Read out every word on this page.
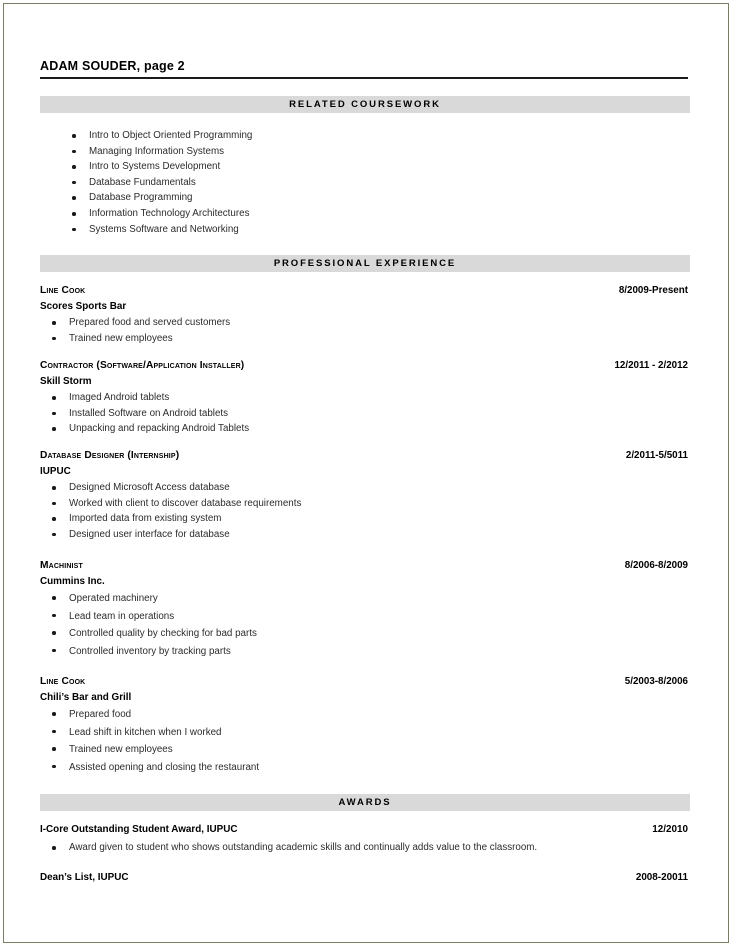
ADAM SOUDER, page 2
RELATED COURSEWORK
Intro to Object Oriented Programming
Managing Information Systems
Intro to Systems Development
Database Fundamentals
Database Programming
Information Technology Architectures
Systems Software and Networking
PROFESSIONAL EXPERIENCE
Line Cook	8/2009-Present
Scores Sports Bar
Prepared food and served customers
Trained new employees
Contractor (Software/Application Installer)	12/2011 - 2/2012
Skill Storm
Imaged Android tablets
Installed Software on Android tablets
Unpacking and repacking Android Tablets
Database Designer (Internship)	2/2011-5/5011
IUPUC
Designed Microsoft Access database
Worked with client to discover database requirements
Imported data from existing system
Designed user interface for database
Machinist	8/2006-8/2009
Cummins Inc.
Operated machinery
Lead team in operations
Controlled quality by checking for bad parts
Controlled inventory by tracking parts
Line Cook	5/2003-8/2006
Chili’s Bar and Grill
Prepared food
Lead shift in kitchen when I worked
Trained new employees
Assisted opening and closing the restaurant
AWARDS
I-Core Outstanding Student Award, IUPUC	12/2010
Award given to student who shows outstanding academic skills and continually adds value to the classroom.
Dean’s List, IUPUC	2008-20011
